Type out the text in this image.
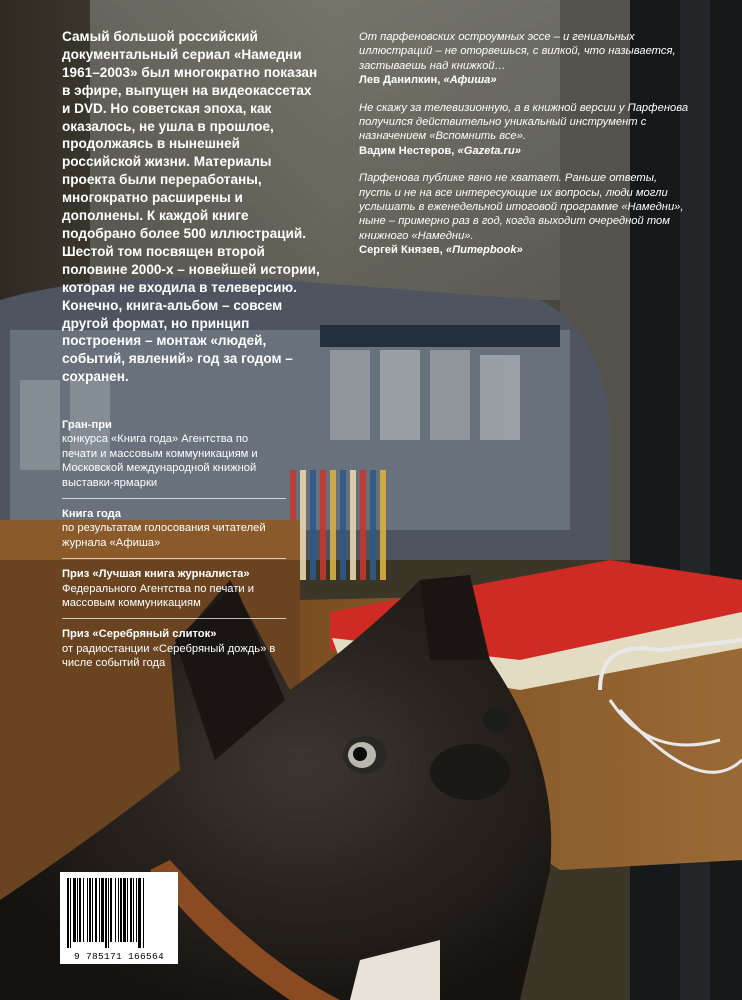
Самый большой российский документальный сериал «Намедни 1961–2003» был многократно показан в эфире, выпущен на видеокассетах и DVD. Но советская эпоха, как оказалось, не ушла в прошлое, продолжаясь в нынешней российской жизни. Материалы проекта были переработаны, многократно расширены и дополнены. К каждой книге подобрано более 500 иллюстраций. Шестой том посвящен второй половине 2000-х – новейшей истории, которая не входила в телеверсию. Конечно, книга-альбом – совсем другой формат, но принцип построения – монтаж «людей, событий, явлений» год за годом – сохранен.

От парфеновских остроумных эссе – и гениальных иллюстраций – не оторвешься, с вилкой, что называется, застываешь над книжкой…

Лев Данилкин, «Афиша»

Не скажу за телевизионную, а в книжной версии у Парфенова получился действительно уникальный инструмент с назначением «Вспомнить все».

Вадим Нестеров, «Gazeta.ru»

Парфенова публике явно не хватает. Раньше ответы, пусть и не на все интересующие их вопросы, люди могли услышать в еженедельной итоговой программе «Намедни», ныне – примерно раз в год, когда выходит очередной том книжного «Намедни».

Сергей Князев, «Питерbook»

Гран-при

конкурса «Книга года» Агентства по печати и массовым коммуникациям и Московской международной книжной выставки-ярмарки

Книга года

по результатам голосования читателей журнала «Афиша»

Приз «Лучшая книга журналиста»

Федерального Агентства по печати и массовым коммуникациям

Приз «Серебряный слиток»

от радиостанции «Серебряный дождь» в числе событий года

9 785171 166564
